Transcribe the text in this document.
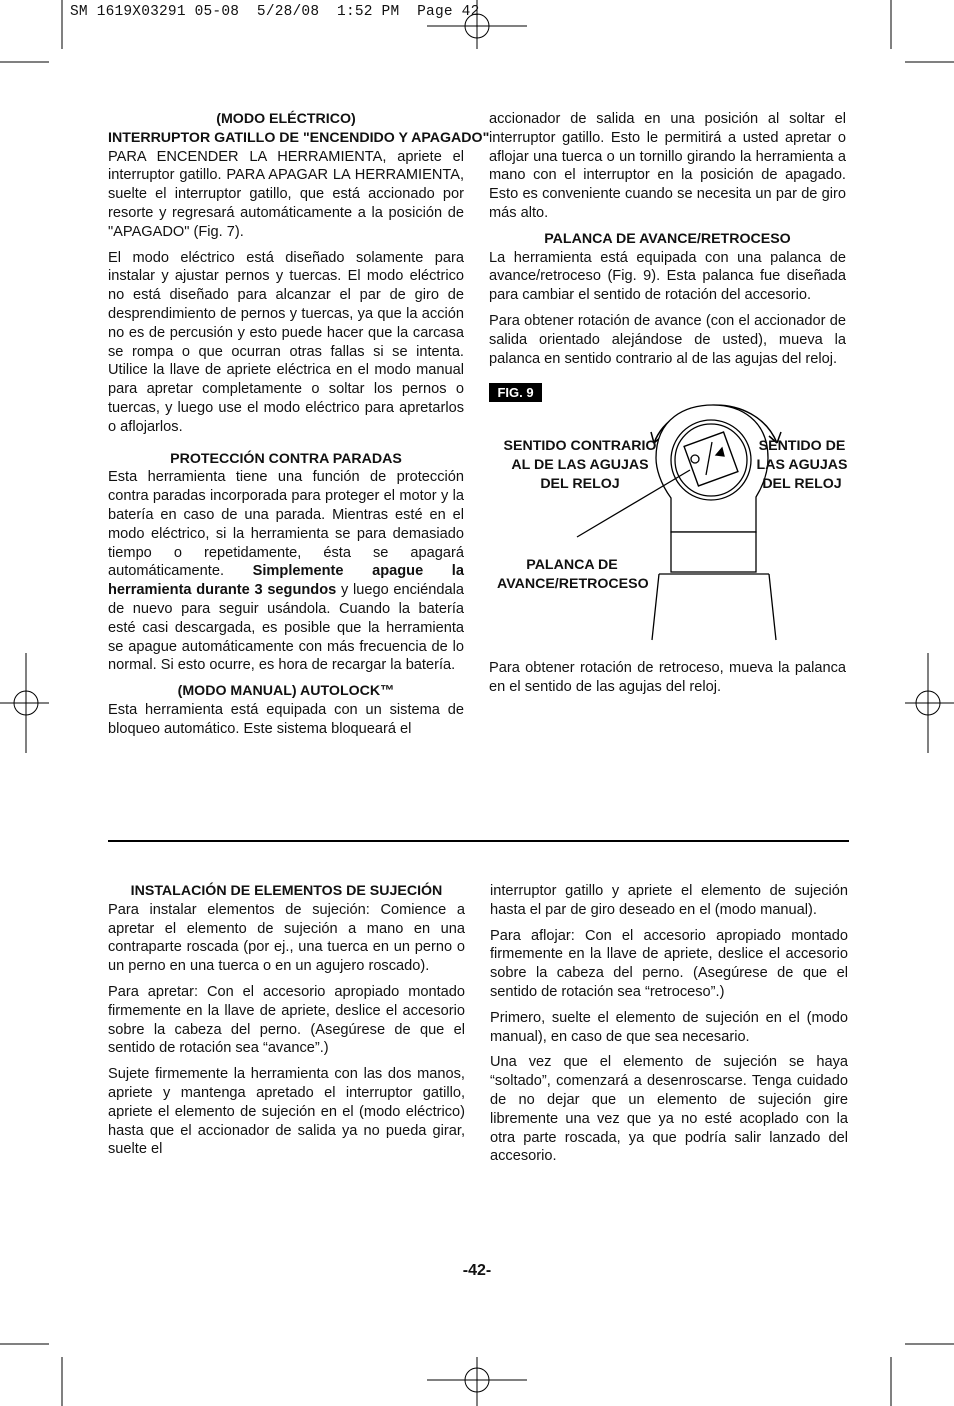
SM 1619X03291 05-08  5/28/08  1:52 PM  Page 42
(MODO ELÉCTRICO)
INTERRUPTOR GATILLO DE "ENCENDIDO Y APAGADO"

PARA ENCENDER LA HERRAMIENTA, apriete el interruptor gatillo. PARA APAGAR LA HERRAMIENTA, suelte el interruptor gatillo, que está accionado por resorte y regresará automáticamente a la posición de "APAGADO" (Fig. 7).

El modo eléctrico está diseñado solamente para instalar y ajustar pernos y tuercas. El modo eléctrico no está diseñado para alcanzar el par de giro de desprendimiento de pernos y tuercas, ya que la acción no es de percusión y esto puede hacer que la carcasa se rompa o que ocurran otras fallas si se intenta. Utilice la llave de apriete eléctrica en el modo manual para apretar completamente o soltar los pernos o tuercas, y luego use el modo eléctrico para apretarlos o aflojarlos.

PROTECCIÓN CONTRA PARADAS

Esta herramienta tiene una función de protección contra paradas incorporada para proteger el motor y la batería en caso de una parada. Mientras esté en el modo eléctrico, si la herramienta se para demasiado tiempo o repetidamente, ésta se apagará automáticamente. Simplemente apague la herramienta durante 3 segundos y luego enciéndala de nuevo para seguir usándola. Cuando la batería esté casi descargada, es posible que la herramienta se apague automáticamente con más frecuencia de lo normal. Si esto ocurre, es hora de recargar la batería.

(MODO MANUAL) AUTOLOCK™

Esta herramienta está equipada con un sistema de bloqueo automático. Este sistema bloqueará el

accionador de salida en una posición al soltar el interruptor gatillo. Esto le permitirá a usted apretar o aflojar una tuerca o un tornillo girando la herramienta a mano con el interruptor en la posición de apagado. Esto es conveniente cuando se necesita un par de giro más alto.

PALANCA DE AVANCE/RETROCESO

La herramienta está equipada con una palanca de avance/retroceso (Fig. 9). Esta palanca fue diseñada para cambiar el sentido de rotación del accesorio.

Para obtener rotación de avance (con el accionador de salida orientado alejándose de usted), mueva la palanca en sentido contrario al de las agujas del reloj.

FIG. 9
SENTIDO CONTRARIO
AL DE LAS AGUJAS
DEL RELOJ
SENTIDO DE
LAS AGUJAS
DEL RELOJ
PALANCA DE
AVANCE/RETROCESO

Para obtener rotación de retroceso, mueva la palanca en el sentido de las agujas del reloj.

INSTALACIÓN DE ELEMENTOS DE SUJECIÓN

Para instalar elementos de sujeción: Comience a apretar el elemento de sujeción a mano en una contraparte roscada (por ej., una tuerca en un perno o un perno en una tuerca o en un agujero roscado).

Para apretar: Con el accesorio apropiado montado firmemente en la llave de apriete, deslice el accesorio sobre la cabeza del perno. (Asegúrese de que el sentido de rotación sea “avance”.)

Sujete firmemente la herramienta con las dos manos, apriete y mantenga apretado el interruptor gatillo, apriete el elemento de sujeción en el (modo eléctrico) hasta que el accionador de salida ya no pueda girar, suelte el

interruptor gatillo y apriete el elemento de sujeción hasta el par de giro deseado en el (modo manual).

Para aflojar: Con el accesorio apropiado montado firmemente en la llave de apriete, deslice el accesorio sobre la cabeza del perno. (Asegúrese de que el sentido de rotación sea “retroceso”.)

Primero, suelte el elemento de sujeción en el (modo manual), en caso de que sea necesario.

Una vez que el elemento de sujeción se haya “soltado”, comenzará a desenroscarse. Tenga cuidado de no dejar que un elemento de sujeción gire libremente una vez que ya no esté acoplado con la otra parte roscada, ya que podría salir lanzado del accesorio.

-42-
